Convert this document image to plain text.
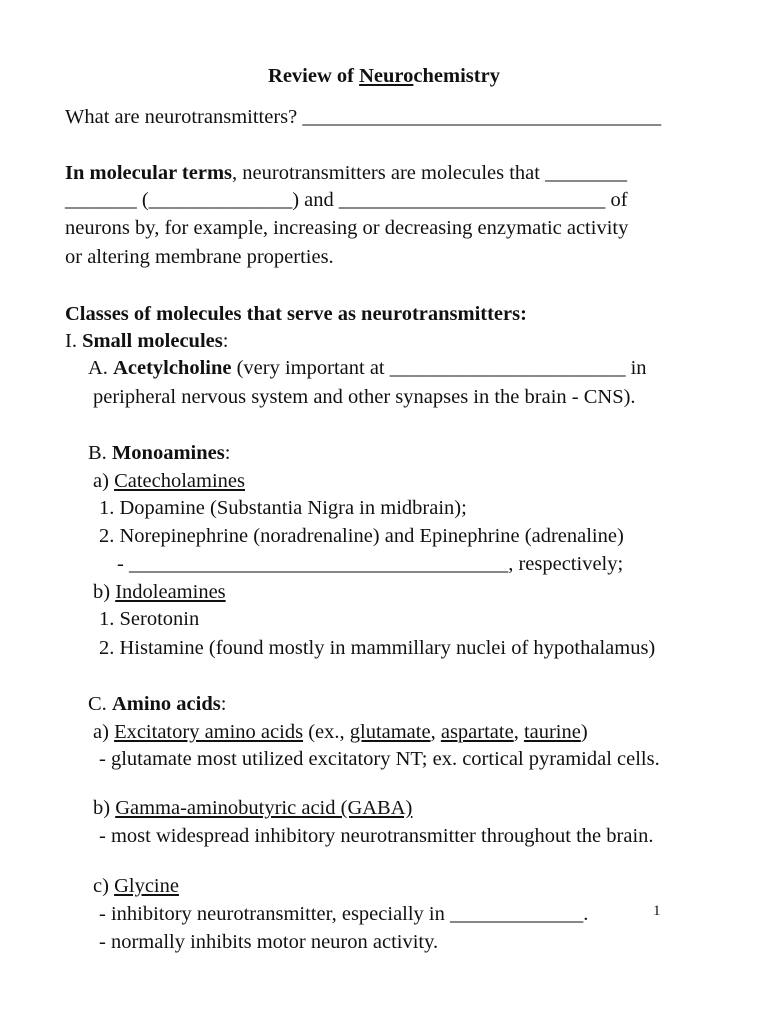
Review of Neurochemistry
What are neurotransmitters? ___________________________________
In molecular terms, neurotransmitters are molecules that ________
_______ (______________) and __________________________ of
neurons by, for example, increasing or decreasing enzymatic activity
or altering membrane properties.
Classes of molecules that serve as neurotransmitters:
I. Small molecules:
A. Acetylcholine (very important at _______________________ in
peripheral nervous system and other synapses in the brain - CNS).
B. Monoamines:
a) Catecholamines
1. Dopamine (Substantia Nigra in midbrain);
2. Norepinephrine (noradrenaline) and Epinephrine (adrenaline)
- _____________________________________, respectively;
b) Indoleamines
1. Serotonin
2. Histamine (found mostly in mammillary nuclei of hypothalamus)
C. Amino acids:
a) Excitatory amino acids (ex., glutamate, aspartate, taurine)
- glutamate most utilized excitatory NT; ex. cortical pyramidal cells.
b) Gamma-aminobutyric acid (GABA)
- most widespread inhibitory neurotransmitter throughout the brain.
c) Glycine
- inhibitory neurotransmitter, especially in _____________.
- normally inhibits motor neuron activity.
1
